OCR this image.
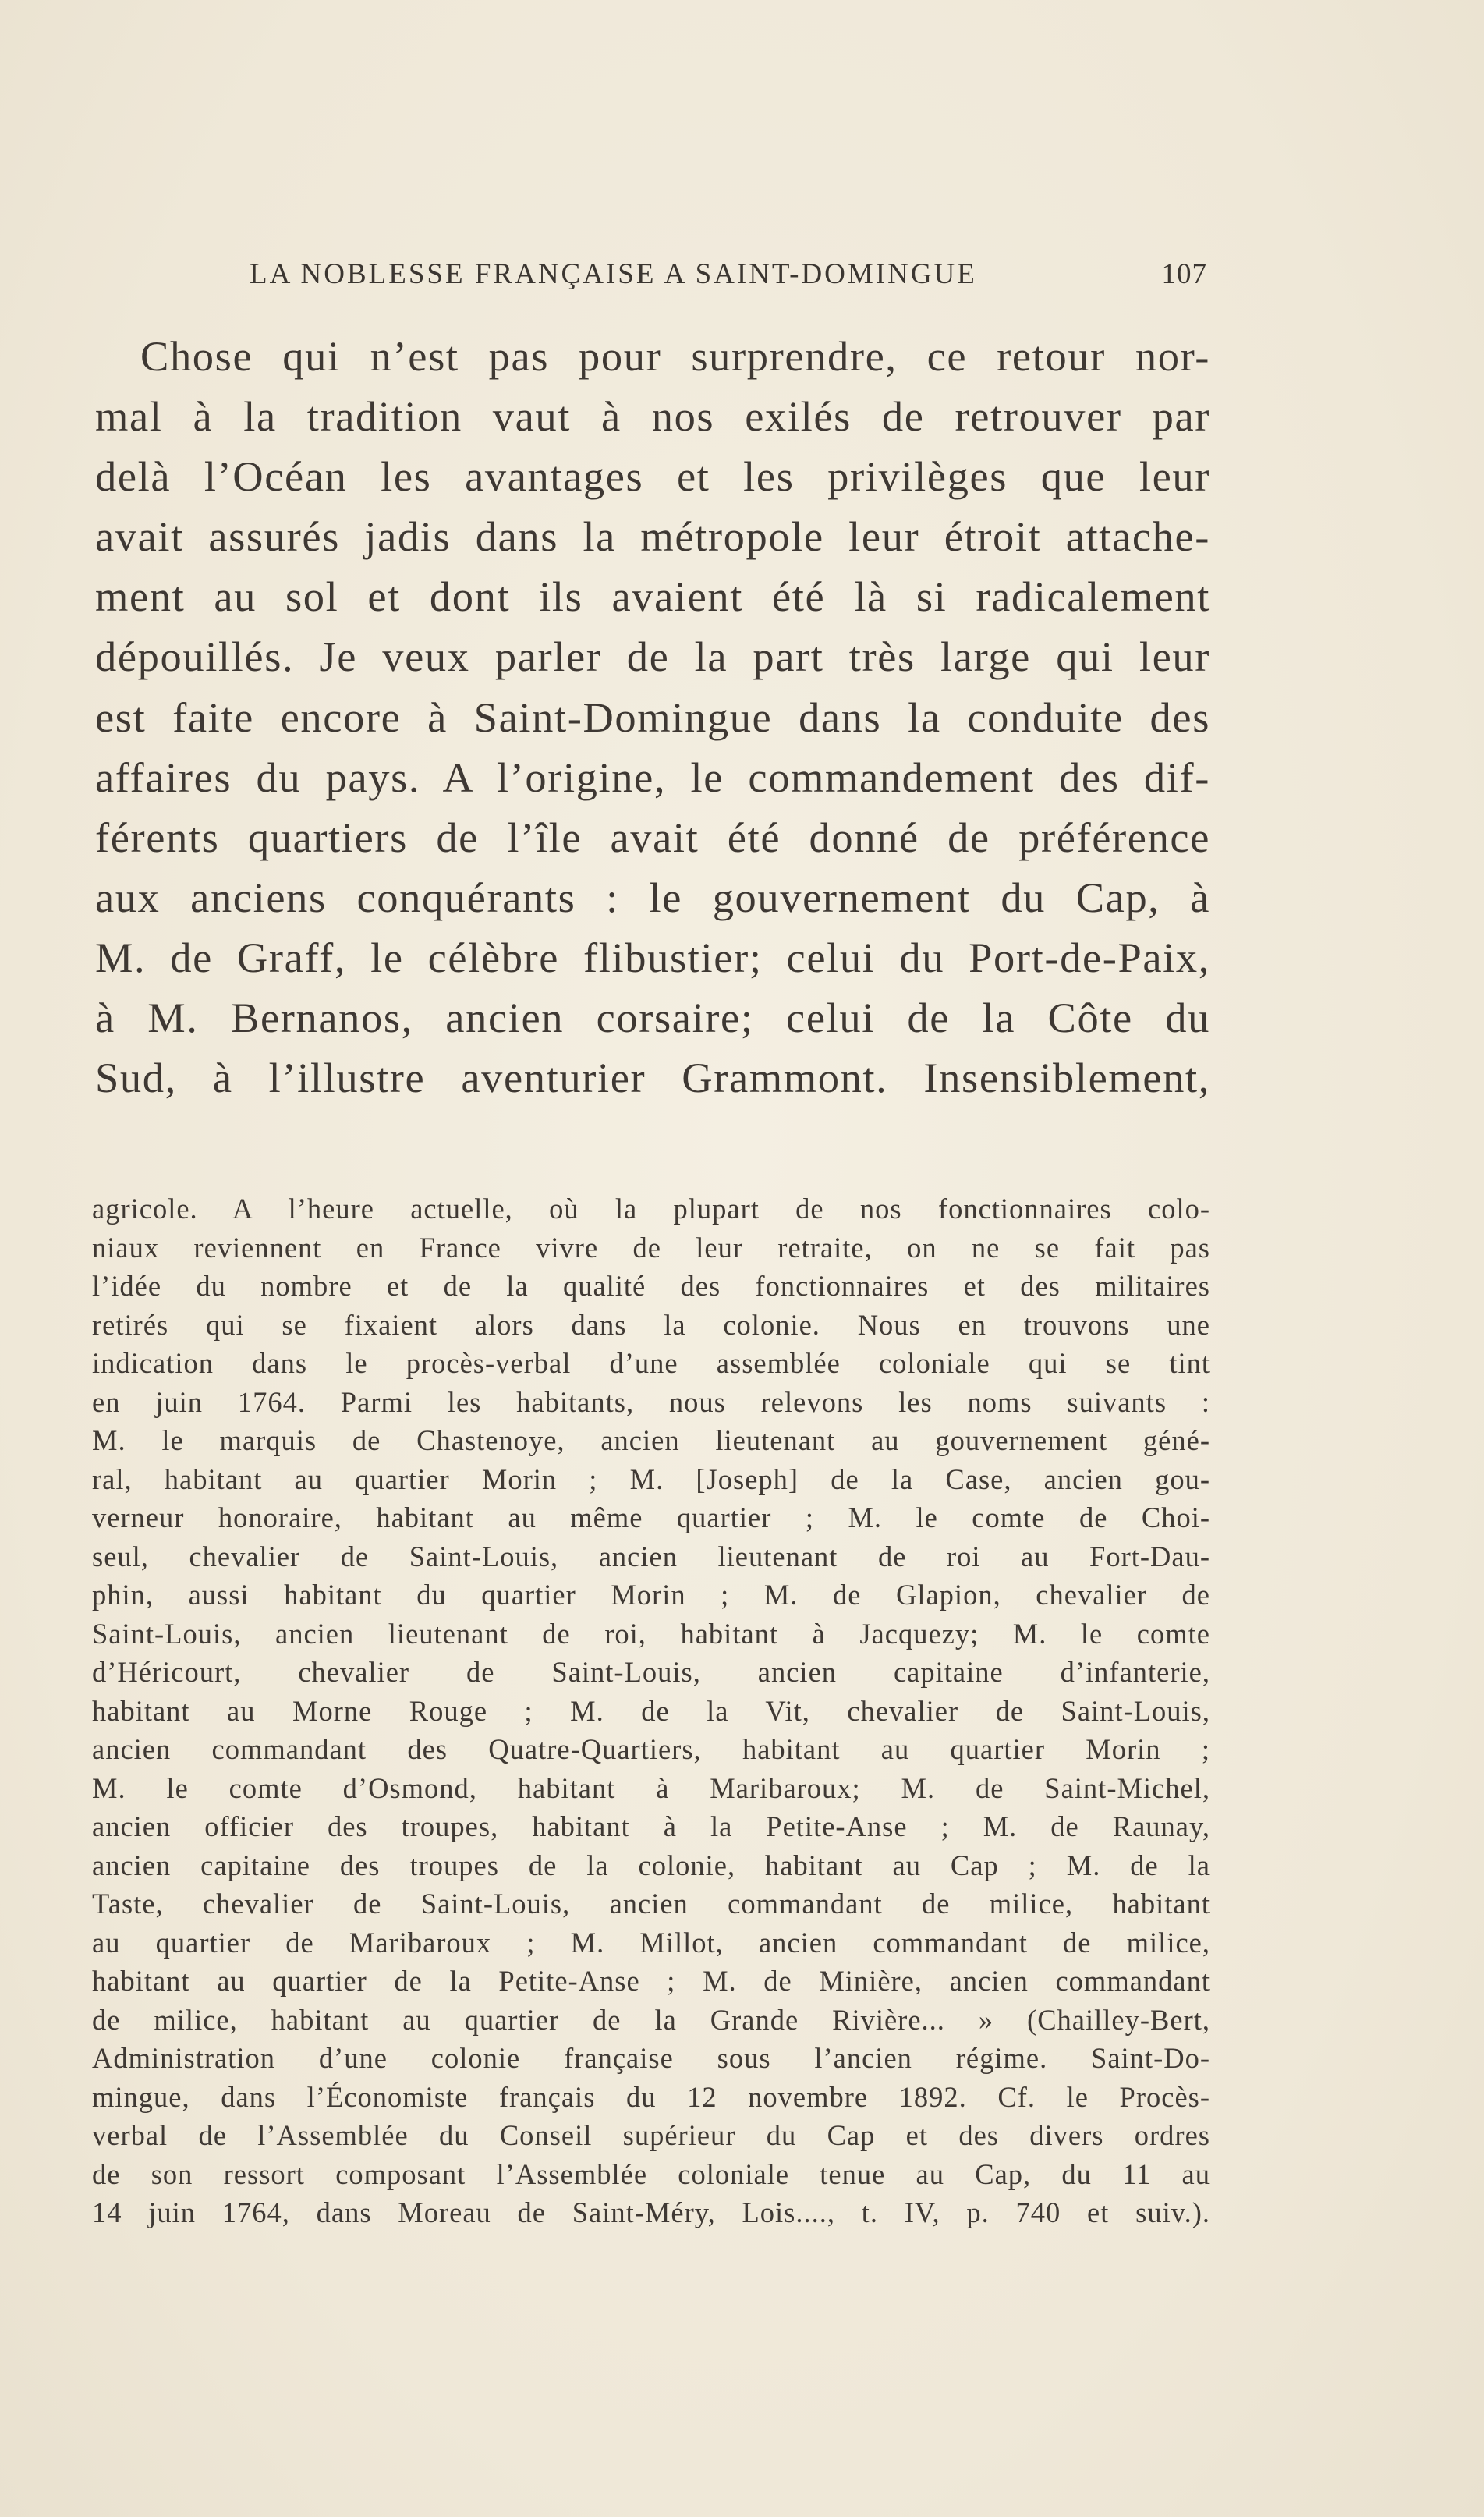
LA NOBLESSE FRANÇAISE A SAINT-DOMINGUE	107
Chose qui n’est pas pour surprendre, ce retour nor-
mal à la tradition vaut à nos exilés de retrouver par
delà l’Océan les avantages et les privilèges que leur
avait assurés jadis dans la métropole leur étroit attache-
ment au sol et dont ils avaient été là si radicalement
dépouillés. Je veux parler de la part très large qui leur
est faite encore à Saint-Domingue dans la conduite des
affaires du pays. A l’origine, le commandement des dif-
férents quartiers de l’île avait été donné de préférence
aux anciens conquérants : le gouvernement du Cap, à
M. de Graff, le célèbre flibustier; celui du Port-de-Paix,
à M. Bernanos, ancien corsaire; celui de la Côte du
Sud, à l’illustre aventurier Grammont. Insensiblement,
agricole. A l’heure actuelle, où la plupart de nos fonctionnaires colo-
niaux reviennent en France vivre de leur retraite, on ne se fait pas
l’idée du nombre et de la qualité des fonctionnaires et des militaires
retirés qui se fixaient alors dans la colonie. Nous en trouvons une
indication dans le procès-verbal d’une assemblée coloniale qui se tint
en juin 1764. Parmi les habitants, nous relevons les noms suivants :
M. le marquis de Chastenoye, ancien lieutenant au gouvernement géné-
ral, habitant au quartier Morin ; M. [Joseph] de la Case, ancien gou-
verneur honoraire, habitant au même quartier ; M. le comte de Choi-
seul, chevalier de Saint-Louis, ancien lieutenant de roi au Fort-Dau-
phin, aussi habitant du quartier Morin ; M. de Glapion, chevalier de
Saint-Louis, ancien lieutenant de roi, habitant à Jacquezy; M. le comte
d’Héricourt, chevalier de Saint-Louis, ancien capitaine d’infanterie,
habitant au Morne Rouge ; M. de la Vit, chevalier de Saint-Louis,
ancien commandant des Quatre-Quartiers, habitant au quartier Morin ;
M. le comte d’Osmond, habitant à Maribaroux; M. de Saint-Michel,
ancien officier des troupes, habitant à la Petite-Anse ; M. de Raunay,
ancien capitaine des troupes de la colonie, habitant au Cap ; M. de la
Taste, chevalier de Saint-Louis, ancien commandant de milice, habitant
au quartier de Maribaroux ; M. Millot, ancien commandant de milice,
habitant au quartier de la Petite-Anse ; M. de Minière, ancien commandant
de milice, habitant au quartier de la Grande Rivière... » (Chailley-Bert,
Administration d’une colonie française sous l’ancien régime. Saint-Do-
mingue, dans l’Économiste français du 12 novembre 1892. Cf. le Procès-
verbal de l’Assemblée du Conseil supérieur du Cap et des divers ordres
de son ressort composant l’Assemblée coloniale tenue au Cap, du 11 au
14 juin 1764, dans Moreau de Saint-Méry, Lois...., t. IV, p. 740 et suiv.).
